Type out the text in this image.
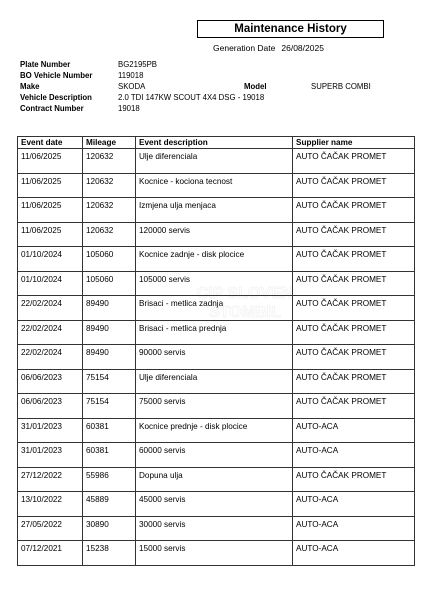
Maintenance History
Generation Date 26/08/2025
Plate Number	BG2195PB
BO Vehicle Number	119018
Make	SKODA	Model	SUPERB COMBI
Vehicle Description	2.0 TDI 147KW SCOUT 4X4 DSG - 19018
Contract Number	19018
Event date	Mileage	Event description	Supplier name
11/06/2025	120632	Ulje diferenciala	AUTO ČAČAK PROMET
11/06/2025	120632	Kocnice - kociona tecnost	AUTO ČAČAK PROMET
11/06/2025	120632	Izmjena ulja menjaca	AUTO ČAČAK PROMET
11/06/2025	120632	120000 servis	AUTO ČAČAK PROMET
01/10/2024	105060	Kocnice zadnje - disk plocice	AUTO ČAČAK PROMET
01/10/2024	105060	105000 servis	AUTO ČAČAK PROMET
22/02/2024	89490	Brisaci - metlica zadnja	AUTO ČAČAK PROMET
22/02/2024	89490	Brisaci - metlica prednja	AUTO ČAČAK PROMET
22/02/2024	89490	90000 servis	AUTO ČAČAK PROMET
06/06/2023	75154	Ulje diferenciala	AUTO ČAČAK PROMET
06/06/2023	75154	75000 servis	AUTO ČAČAK PROMET
31/01/2023	60381	Kocnice prednje - disk plocice	AUTO-ACA
31/01/2023	60381	60000 servis	AUTO-ACA
27/12/2022	55986	Dopuna ulja	AUTO ČAČAK PROMET
13/10/2022	45889	45000 servis	AUTO-ACA
27/05/2022	30890	30000 servis	AUTO-ACA
07/12/2021	15238	15000 servis	AUTO-ACA
CIP SLOVEN
STOMBIL
